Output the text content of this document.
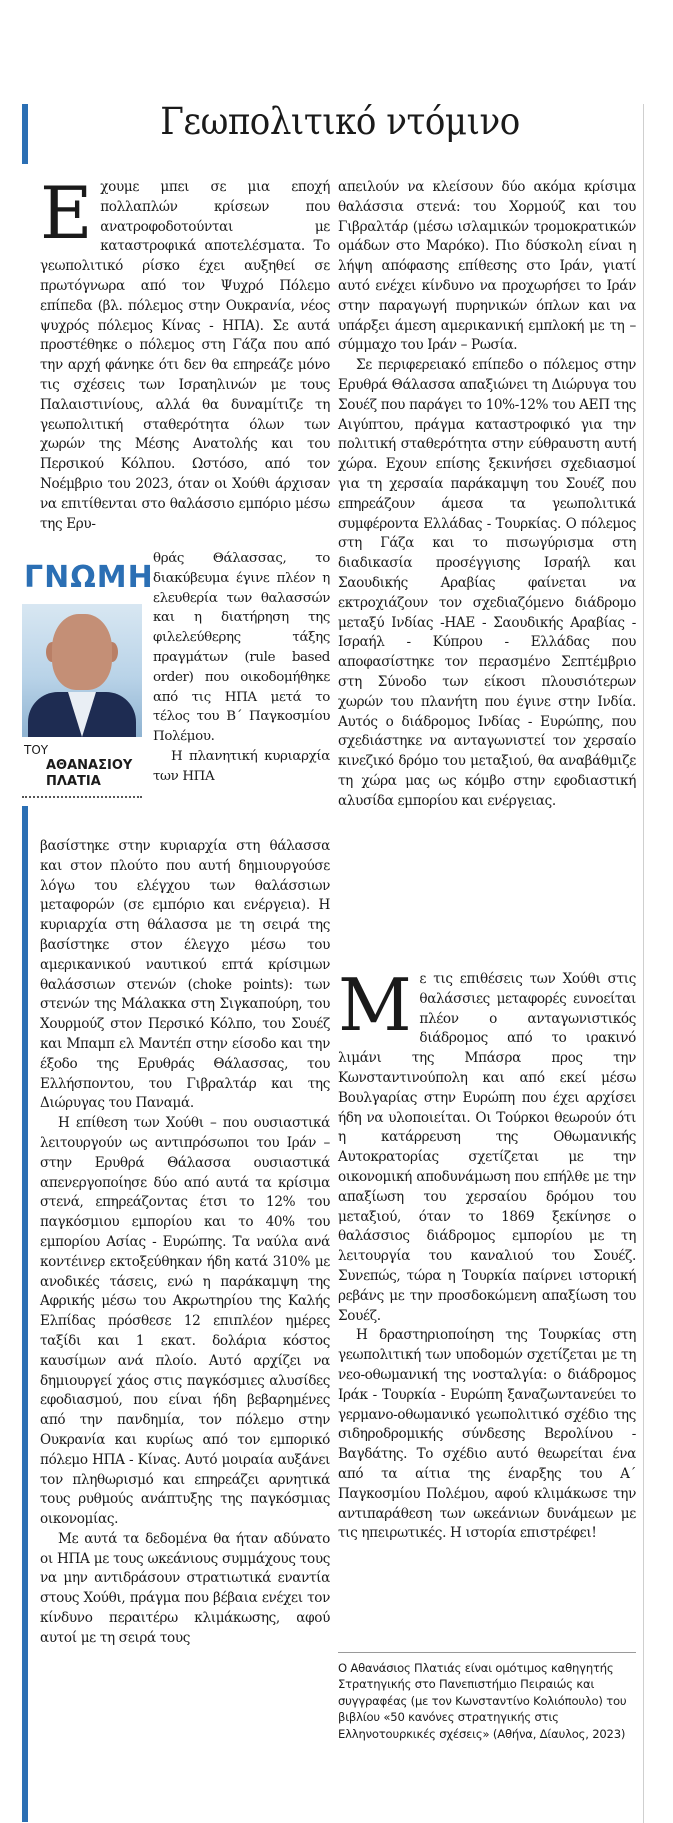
Γεωπολιτικό ντόμινο

Εχουμε μπει σε μια εποχή πολλαπλών κρίσεων που ανατροφοδοτούνται με καταστροφικά αποτελέσματα. Το γεωπολιτικό ρίσκο έχει αυξηθεί σε πρωτόγνωρα από τον Ψυχρό Πόλεμο επίπεδα (βλ. πόλεμος στην Ουκρανία, νέος ψυχρός πόλεμος Κίνας - ΗΠΑ). Σε αυτά προστέθηκε ο πόλεμος στη Γάζα που από την αρχή φάνηκε ότι δεν θα επηρεάζε μόνο τις σχέσεις των Ισραηλινών με τους Παλαιστινίους, αλλά θα δυναμίτιζε τη γεωπολιτική σταθερότητα όλων των χωρών της Μέσης Ανατολής και του Περσικού Κόλπου. Ωστόσο, από τον Νοέμβριο του 2023, όταν οι Χούθι άρχισαν να επιτίθενται στο θαλάσσιο εμπόριο μέσω της Ερυ-

ΓΝΩΜΗ
ΤΟΥ
ΑΘΑΝΑΣΙΟΥ
ΠΛΑΤΙΑ

θράς Θάλασσας, το διακύβευμα έγινε πλέον η ελευθερία των θαλασσών και η διατήρηση της φιλελεύθερης τάξης πραγμάτων (rule based order) που οικοδομήθηκε από τις ΗΠΑ μετά το τέλος του Β΄ Παγκοσμίου Πολέμου.

Η πλανητική κυριαρχία των ΗΠΑ

βασίστηκε στην κυριαρχία στη θάλασσα και στον πλούτο που αυτή δημιουργούσε λόγω του ελέγχου των θαλάσσιων μεταφορών (σε εμπόριο και ενέργεια). Η κυριαρχία στη θάλασσα με τη σειρά της βασίστηκε στον έλεγχο μέσω του αμερικανικού ναυτικού επτά κρίσιμων θαλάσσιων στενών (choke points): των στενών της Μάλακκα στη Σιγκαπούρη, του Χουρμούζ στον Περσικό Κόλπο, του Σουέζ και Μπαμπ ελ Μαντέπ στην είσοδο και την έξοδο της Ερυθράς Θάλασσας, του Ελλήσποντου, του Γιβραλτάρ και της Διώρυγας του Παναμά.

Η επίθεση των Χούθι – που ουσιαστικά λειτουργούν ως αντιπρόσωποι του Ιράν – στην Ερυθρά Θάλασσα ουσιαστικά απενεργοποίησε δύο από αυτά τα κρίσιμα στενά, επηρεάζοντας έτσι το 12% του παγκόσμιου εμπορίου και το 40% του εμπορίου Ασίας - Ευρώπης. Τα ναύλα ανά κοντέινερ εκτοξεύθηκαν ήδη κατά 310% με ανοδικές τάσεις, ενώ η παράκαμψη της Αφρικής μέσω του Ακρωτηρίου της Καλής Ελπίδας πρόσθεσε 12 επιπλέον ημέρες ταξίδι και 1 εκατ. δολάρια κόστος καυσίμων ανά πλοίο. Αυτό αρχίζει να δημιουργεί χάος στις παγκόσμιες αλυσίδες εφοδιασμού, που είναι ήδη βεβαρημένες από την πανδημία, τον πόλεμο στην Ουκρανία και κυρίως από τον εμπορικό πόλεμο ΗΠΑ - Κίνας. Αυτό μοιραία αυξάνει τον πληθωρισμό και επηρεάζει αρνητικά τους ρυθμούς ανάπτυξης της παγκόσμιας οικονομίας.

Με αυτά τα δεδομένα θα ήταν αδύνατο οι ΗΠΑ με τους ωκεάνιους συμμάχους τους να μην αντιδράσουν στρατιωτικά εναντία στους Χούθι, πράγμα που βέβαια ενέχει τον κίνδυνο περαιτέρω κλιμάκωσης, αφού αυτοί με τη σειρά τους

απειλούν να κλείσουν δύο ακόμα κρίσιμα θαλάσσια στενά: του Χορμούζ και του Γιβραλτάρ (μέσω ισλαμικών τρομοκρατικών ομάδων στο Μαρόκο). Πιο δύσκολη είναι η λήψη απόφασης επίθεσης στο Ιράν, γιατί αυτό ενέχει κίνδυνο να προχωρήσει το Ιράν στην παραγωγή πυρηνικών όπλων και να υπάρξει άμεση αμερικανική εμπλοκή με τη – σύμμαχο του Ιράν – Ρωσία.

Σε περιφερειακό επίπεδο ο πόλεμος στην Ερυθρά Θάλασσα απαξιώνει τη Διώρυγα του Σουέζ που παράγει το 10%-12% του ΑΕΠ της Αιγύπτου, πράγμα καταστροφικό για την πολιτική σταθερότητα στην εύθραυστη αυτή χώρα. Εχουν επίσης ξεκινήσει σχεδιασμοί για τη χερσαία παράκαμψη του Σουέζ που επηρεάζουν άμεσα τα γεωπολιτικά συμφέροντα Ελλάδας - Τουρκίας. Ο πόλεμος στη Γάζα και το πισωγύρισμα στη διαδικασία προσέγγισης Ισραήλ και Σαουδικής Αραβίας φαίνεται να εκτροχιάζουν τον σχεδιαζόμενο διάδρομο μεταξύ Ινδίας -ΗΑΕ - Σαουδικής Αραβίας - Ισραήλ - Κύπρου - Ελλάδας που αποφασίστηκε τον περασμένο Σεπτέμβριο στη Σύνοδο των είκοσι πλουσιότερων χωρών του πλανήτη που έγινε στην Ινδία. Αυτός ο διάδρομος Ινδίας - Ευρώπης, που σχεδιάστηκε να ανταγωνιστεί τον χερσαίο κινεζικό δρόμο του μεταξιού, θα αναβάθμιζε τη χώρα μας ως κόμβο στην εφοδιαστική αλυσίδα εμπορίου και ενέργειας.

Με τις επιθέσεις των Χούθι στις θαλάσσιες μεταφορές ευνοείται πλέον ο ανταγωνιστικός διάδρομος από το ιρακινό λιμάνι της Μπάσρα προς την Κωνσταντινούπολη και από εκεί μέσω Βουλγαρίας στην Ευρώπη που έχει αρχίσει ήδη να υλοποιείται. Οι Τούρκοι θεωρούν ότι η κατάρρευση της Οθωμανικής Αυτοκρατορίας σχετίζεται με την οικονομική αποδυνάμωση που επήλθε με την απαξίωση του χερσαίου δρόμου του μεταξιού, όταν το 1869 ξεκίνησε ο θαλάσσιος διάδρομος εμπορίου με τη λειτουργία του καναλιού του Σουέζ. Συνεπώς, τώρα η Τουρκία παίρνει ιστορική ρεβάνς με την προσδοκώμενη απαξίωση του Σουέζ.

Η δραστηριοποίηση της Τουρκίας στη γεωπολιτική των υποδομών σχετίζεται με τη νεο-οθωμανική της νοσταλγία: ο διάδρομος Ιράκ - Τουρκία - Ευρώπη ξαναζωντανεύει το γερμανο-οθωμανικό γεωπολιτικό σχέδιο της σιδηροδρομικής σύνδεσης Βερολίνου - Βαγδάτης. Το σχέδιο αυτό θεωρείται ένα από τα αίτια της έναρξης του Α΄ Παγκοσμίου Πολέμου, αφού κλιμάκωσε την αντιπαράθεση των ωκεάνιων δυνάμεων με τις ηπειρωτικές. Η ιστορία επιστρέφει!

Ο Αθανάσιος Πλατιάς είναι ομότιμος καθηγητής Στρατηγικής στο Πανεπιστήμιο Πειραιώς και συγγραφέας (με τον Κωνσταντίνο Κολιόπουλο) του βιβλίου «50 κανόνες στρατηγικής στις Ελληνοτουρκικές σχέσεις» (Αθήνα, Δίαυλος, 2023)
